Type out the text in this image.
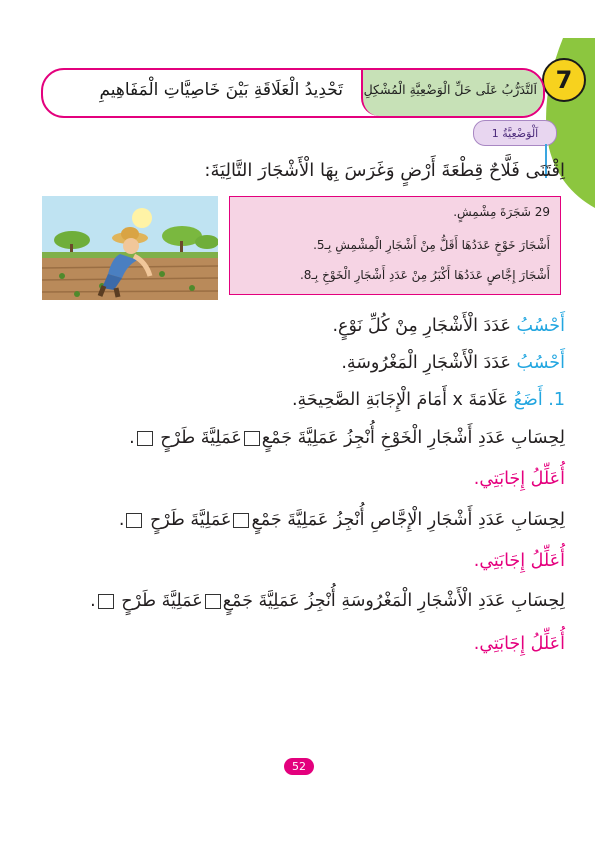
7
اَلتَّدَرُّبُ عَلَى حَلِّ الْوَضْعِيَّةِ الْمُشْكِلِ
تَحْدِيدُ الْعَلَاقَةِ بَيْنَ خَاصِيَّاتِ الْمَفَاهِيمِ
اَلْوَضْعِيَّةُ 1
اِقْتَنَى فَلَّاحٌ قِطْعَةَ أَرْضٍ وَغَرَسَ بِهَا الْأَشْجَارَ التَّالِيَةَ:
29 شَجَرَةَ مِشْمِشٍ.
أَشْجَارَ خَوْخٍ عَدَدُهَا أَقَلُّ مِنْ أَشْجَارِ الْمِشْمِشِ بِـ5.
أَشْجَارَ إِجَّاصٍ عَدَدُهَا أَكْبَرُ مِنْ عَدَدِ أَشْجَارِ الْخَوْخِ بِـ8.
أَحْسُبُ عَدَدَ الْأَشْجَارِ مِنْ كُلِّ نَوْعٍ.
أَحْسُبُ عَدَدَ الْأَشْجَارِ الْمَغْرُوسَةِ.
1. أَضَعُ عَلَامَةَ x أَمَامَ الْإِجَابَةِ الصَّحِيحَةِ.
لِحِسَابِ عَدَدِ أَشْجَارِ الْخَوْخِ أُنْجِزُ عَمَلِيَّةَ جَمْعٍعَمَلِيَّةَ طَرْحٍ .
أُعَلِّلُ إِجَابَتِي.
لِحِسَابِ عَدَدِ أَشْجَارِ الْإِجَّاصِ أُنْجِزُ عَمَلِيَّةَ جَمْعٍعَمَلِيَّةَ طَرْحٍ .
أُعَلِّلُ إِجَابَتِي.
لِحِسَابِ عَدَدِ الْأَشْجَارِ الْمَغْرُوسَةِ أُنْجِزُ عَمَلِيَّةَ جَمْعٍعَمَلِيَّةَ طَرْحٍ .
أُعَلِّلُ إِجَابَتِي.
52
